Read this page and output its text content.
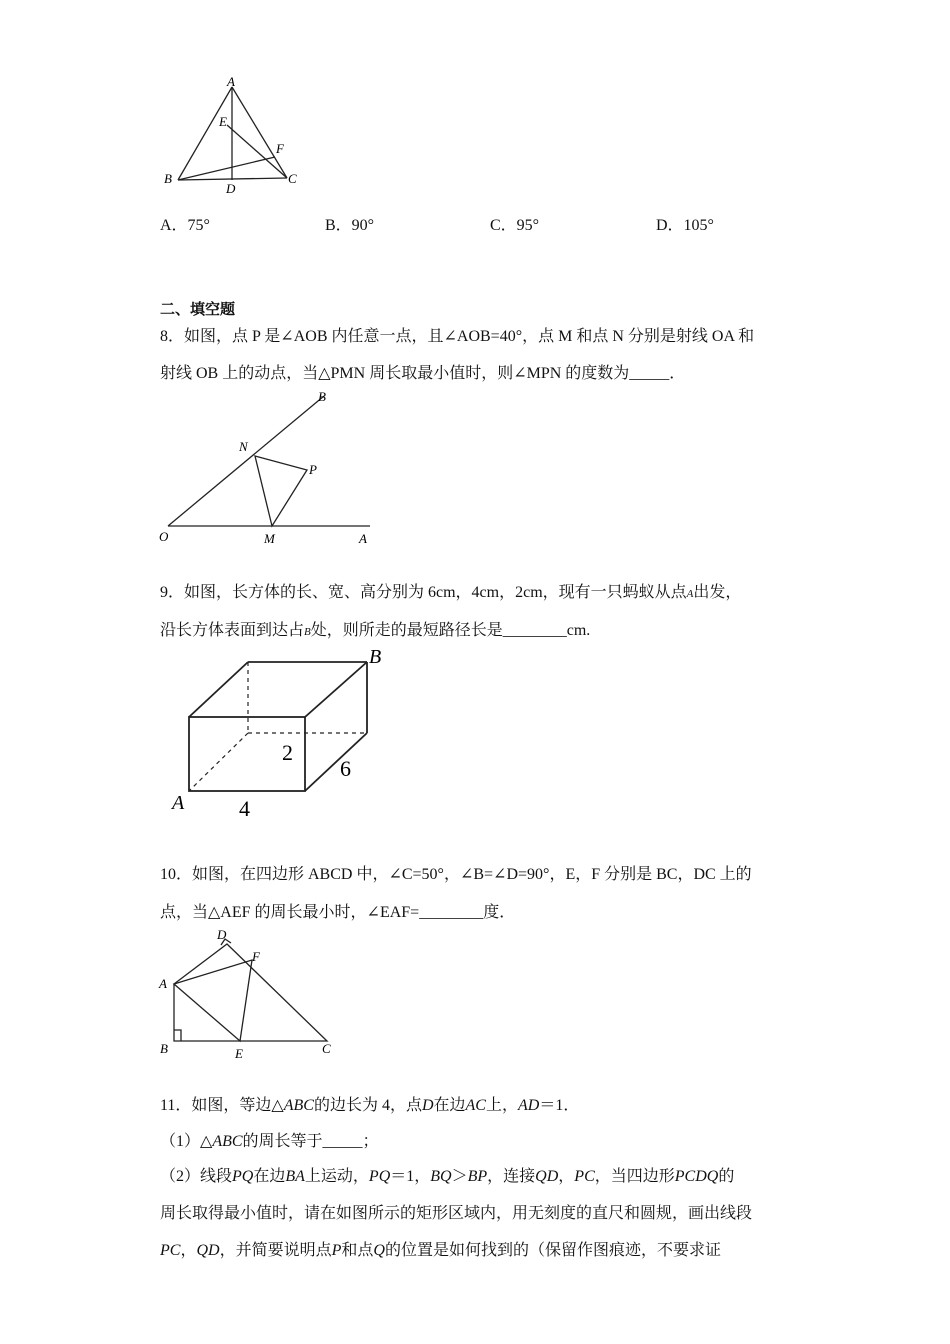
A
E
F
B
D
C
A．75°	B．90°	C．95°	D．105°
二、填空题
8．如图，点 P 是∠AOB 内任意一点，且∠AOB=40°，点 M 和点 N 分别是射线 OA 和
射线 OB 上的动点，当△PMN 周长取最小值时，则∠MPN 的度数为_____．
B
N
P
O	M	A
9．如图，长方体的长、宽、高分别为 6cm，4cm，2cm，现有一只蚂蚁从点A出发，
沿长方体表面到达占B处，则所走的最短路径长是________cm.
A
B
2
6
4
10．如图，在四边形 ABCD 中，∠C=50°，∠B=∠D=90°，E，F 分别是 BC，DC 上的
点，当△AEF 的周长最小时，∠EAF=________度．
D
F
A
B	E	C
11．如图，等边△ABC的边长为 4，点D在边AC上，AD＝1．
（1）△ABC的周长等于_____；
（2）线段PQ在边BA上运动，PQ＝1，BQ＞BP，连接QD，PC，当四边形PCDQ的
周长取得最小值时，请在如图所示的矩形区域内，用无刻度的直尺和圆规，画出线段
PC，QD，并简要说明点P和点Q的位置是如何找到的（保留作图痕迹，不要求证
